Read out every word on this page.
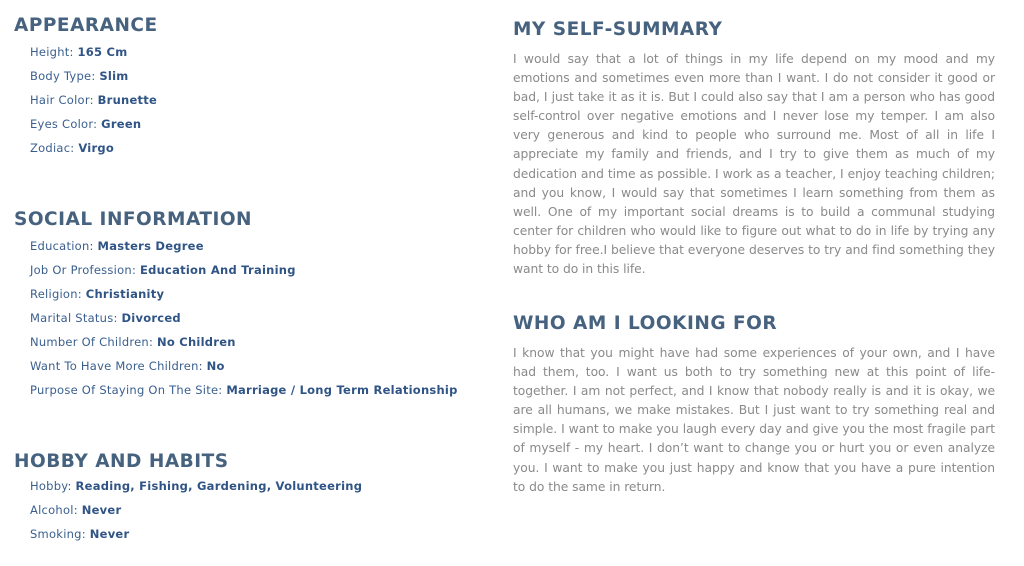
APPEARANCE
Height: 165 Cm
Body Type: Slim
Hair Color: Brunette
Eyes Color: Green
Zodiac: Virgo
SOCIAL INFORMATION
Education: Masters Degree
Job Or Profession: Education And Training
Religion: Christianity
Marital Status: Divorced
Number Of Children: No Children
Want To Have More Children: No
Purpose Of Staying On The Site: Marriage / Long Term Relationship
HOBBY AND HABITS
Hobby: Reading, Fishing, Gardening, Volunteering
Alcohol: Never
Smoking: Never
MY SELF-SUMMARY

I would say that a lot of things in my life depend on my mood and my emotions and sometimes even more than I want. I do not consider it good or bad, I just take it as it is. But I could also say that I am a person who has good self-control over negative emotions and I never lose my temper. I am also very generous and kind to people who surround me. Most of all in life I appreciate my family and friends, and I try to give them as much of my dedication and time as possible. I work as a teacher, I enjoy teaching children; and you know, I would say that sometimes I learn something from them as well. One of my important social dreams is to build a communal studying center for children who would like to figure out what to do in life by trying any hobby for free.I believe that everyone deserves to try and find something they want to do in this life.

WHO AM I LOOKING FOR

I know that you might have had some experiences of your own, and I have had them, too. I want us both to try something new at this point of life- together. I am not perfect, and I know that nobody really is and it is okay, we are all humans, we make mistakes. But I just want to try something real and simple. I want to make you laugh every day and give you the most fragile part of myself - my heart. I don’t want to change you or hurt you or even analyze you. I want to make you just happy and know that you have a pure intention to do the same in return.
